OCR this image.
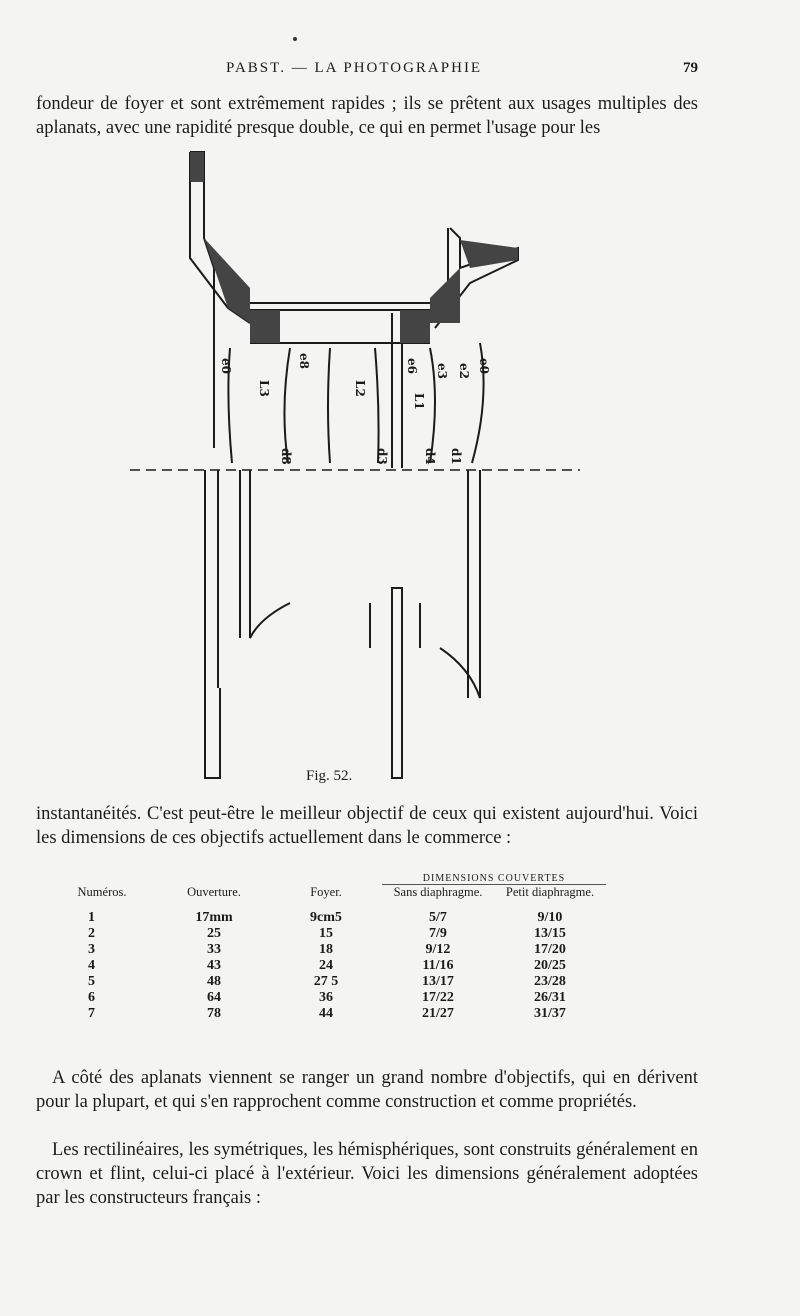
PABST. — LA PHOTOGRAPHIE	79

fondeur de foyer et sont extrêmement rapides ; ils se prêtent aux usages multiples des aplanats, avec une rapidité presque double, ce qui en permet l'usage pour les

e0
L3
e8
L2
e6 e3
L1
e2 e0
d8	d3	d4 d1
Fig. 52.

instantanéités. C'est peut-être le meilleur objectif de ceux qui existent aujourd'hui. Voici les dimensions de ces objectifs actuellement dans le commerce :

			DIMENSIONS COUVERTES	
Numéros.	Ouverture.	Foyer.	Sans diaphragme.	Petit diaphragme.

1	17mm	9cm5	5/7	9/10
2	25	15	7/9	13/15
3	33	18	9/12	17/20
4	43	24	11/16	20/25
5	48	27 5	13/17	23/28
6	64	36	17/22	26/31
7	78	44	21/27	31/37

A côté des aplanats viennent se ranger un grand nombre d'objectifs, qui en dérivent pour la plupart, et qui s'en rapprochent comme construction et comme propriétés.

Les rectilinéaires, les symétriques, les hémisphériques, sont construits généralement en crown et flint, celui-ci placé à l'extérieur. Voici les dimensions généralement adoptées par les constructeurs français :
